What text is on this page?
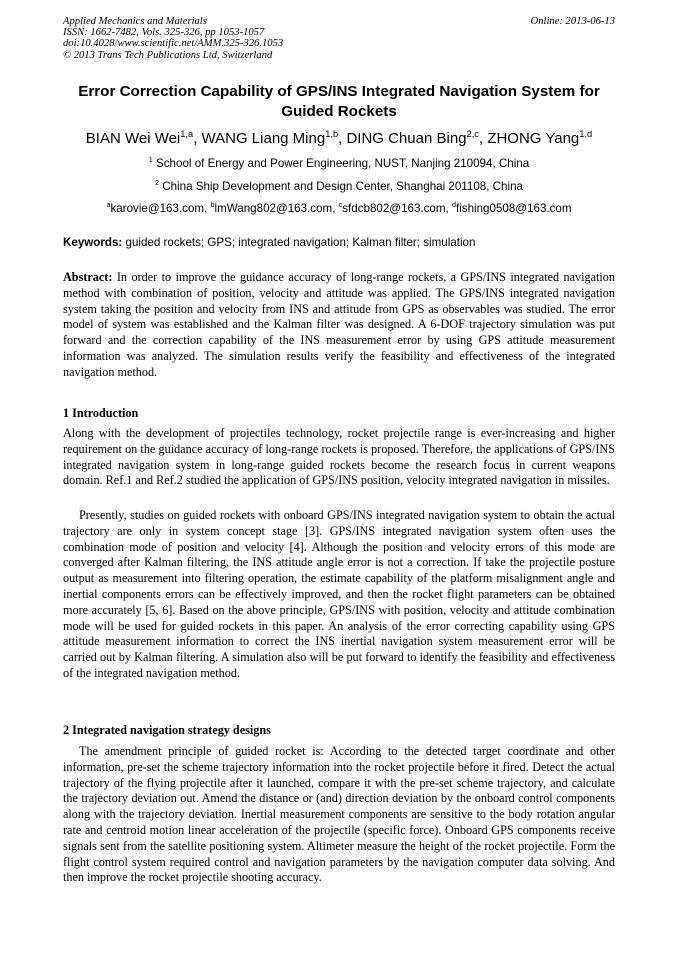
Applied Mechanics and Materials
ISSN: 1662-7482, Vols. 325-326, pp 1053-1057
doi:10.4028/www.scientific.net/AMM.325-326.1053
© 2013 Trans Tech Publications Ltd, Switzerland
Online: 2013-06-13
Error Correction Capability of GPS/INS Integrated Navigation System for
Guided Rockets
BIAN Wei Wei$^{1,a}$, WANG Liang Ming$^{1,b}$, DING Chuan Bing$^{2,c}$, ZHONG Yang$^{1,d}$
$^1$ School of Energy and Power Engineering, NUST, Nanjing 210094, China
$^2$ China Ship Development and Design Center, Shanghai 201108, China
$^a$karovie@163.com, $^b$lmWang802@163.com, $^c$sfdcb802@163.com, $^d$fishing0508@163.com
Keywords: guided rockets; GPS; integrated navigation; Kalman filter; simulation
Abstract: In order to improve the guidance accuracy of long-range rockets, a GPS/INS integrated navigation method with combination of position, velocity and attitude was applied. The GPS/INS integrated navigation system taking the position and velocity from INS and attitude from GPS as observables was studied. The error model of system was established and the Kalman filter was designed. A 6-DOF trajectory simulation was put forward and the correction capability of the INS measurement error by using GPS attitude measurement information was analyzed. The simulation results verify the feasibility and effectiveness of the integrated navigation method.
1 Introduction
Along with the development of projectiles technology, rocket projectile range is ever-increasing and higher requirement on the guidance accuracy of long-range rockets is proposed. Therefore, the applications of GPS/INS integrated navigation system in long-range guided rockets become the research focus in current weapons domain. Ref.1 and Ref.2 studied the application of GPS/INS position, velocity integrated navigation in missiles.
Presently, studies on guided rockets with onboard GPS/INS integrated navigation system to obtain the actual trajectory are only in system concept stage [3]. GPS/INS integrated navigation system often uses the combination mode of position and velocity [4]. Although the position and velocity errors of this mode are converged after Kalman filtering, the INS attitude angle error is not a correction. If take the projectile posture output as measurement into filtering operation, the estimate capability of the platform misalignment angle and inertial components errors can be effectively improved, and then the rocket flight parameters can be obtained more accurately [5, 6]. Based on the above principle, GPS/INS with position, velocity and attitude combination mode will be used for guided rockets in this paper. An analysis of the error correcting capability using GPS attitude measurement information to correct the INS inertial navigation system measurement error will be carried out by Kalman filtering. A simulation also will be put forward to identify the feasibility and effectiveness of the integrated navigation method.
2 Integrated navigation strategy designs
The amendment principle of guided rocket is: According to the detected target coordinate and other information, pre-set the scheme trajectory information into the rocket projectile before it fired. Detect the actual trajectory of the flying projectile after it launched, compare it with the pre-set scheme trajectory, and calculate the trajectory deviation out. Amend the distance or (and) direction deviation by the onboard control components along with the trajectory deviation. Inertial measurement components are sensitive to the body rotation angular rate and centroid motion linear acceleration of the projectile (specific force). Onboard GPS components receive signals sent from the satellite positioning system. Altimeter measure the height of the rocket projectile. Form the flight control system required control and navigation parameters by the navigation computer data solving. And then improve the rocket projectile shooting accuracy.
